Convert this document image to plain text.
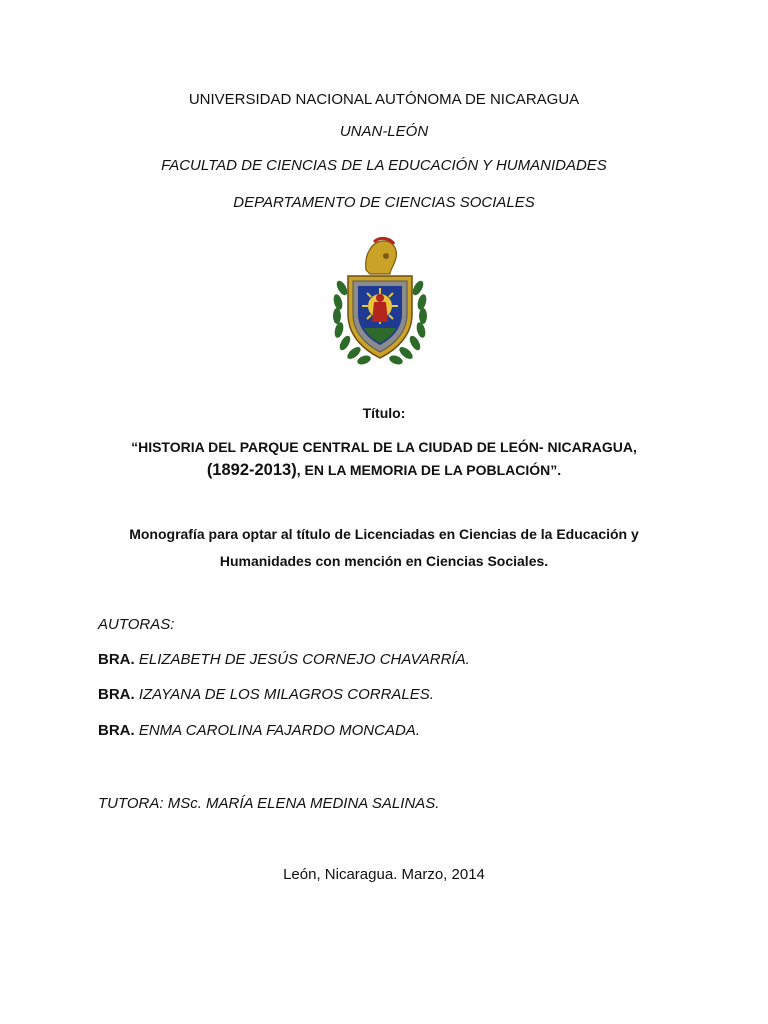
UNIVERSIDAD NACIONAL AUTÓNOMA DE NICARAGUA
UNAN-LEÓN
FACULTAD DE CIENCIAS DE LA EDUCACIÓN Y HUMANIDADES
DEPARTAMENTO DE CIENCIAS SOCIALES
Título:
“HISTORIA DEL PARQUE CENTRAL DE LA CIUDAD DE LEÓN- NICARAGUA,
(1892-2013), EN LA MEMORIA DE LA POBLACIÓN”.
Monografía para optar al título de Licenciadas en Ciencias de la Educación y
Humanidades con mención en Ciencias Sociales.
AUTORAS:
BRA. ELIZABETH DE JESÚS CORNEJO CHAVARRÍA.
BRA. IZAYANA DE LOS MILAGROS CORRALES.
BRA. ENMA CAROLINA FAJARDO MONCADA.
TUTORA: MSc. MARÍA ELENA MEDINA SALINAS.
León, Nicaragua. Marzo, 2014
